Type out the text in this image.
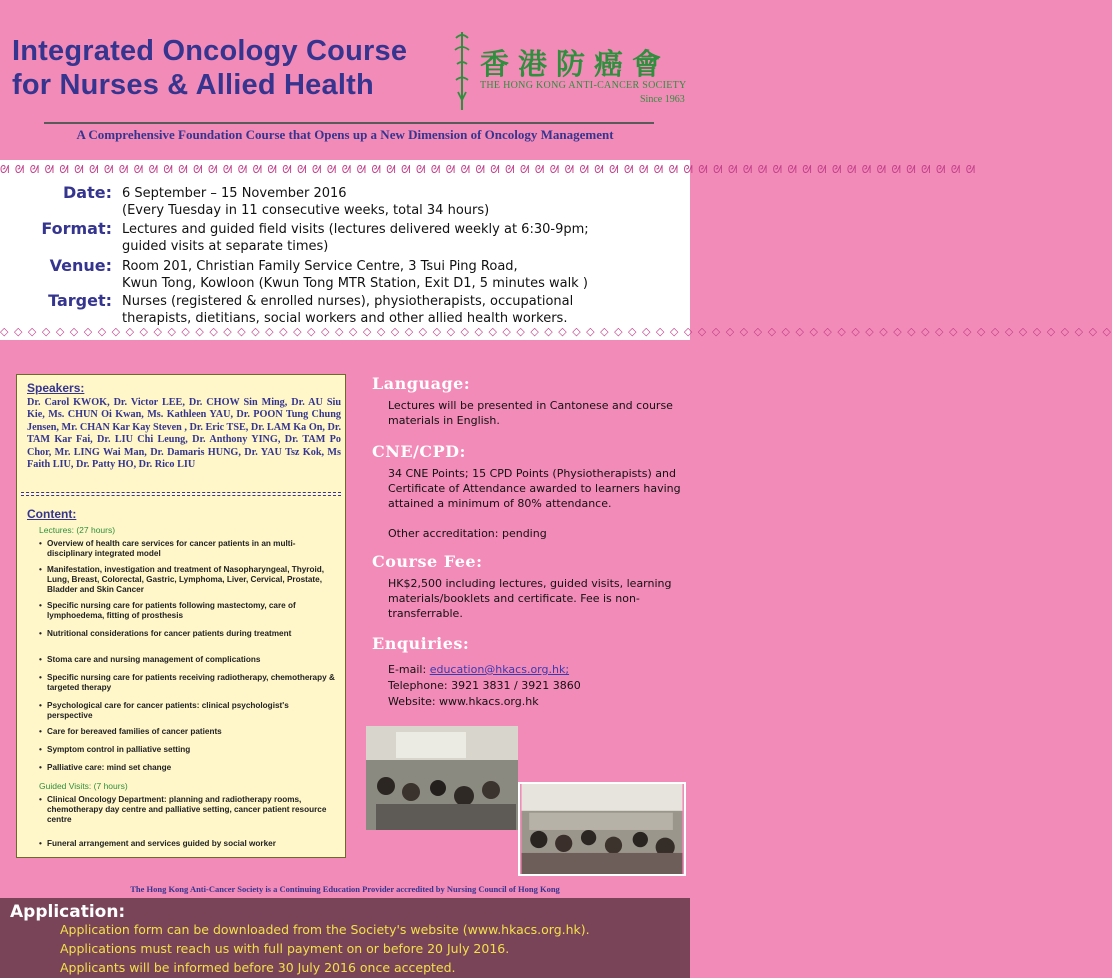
Integrated Oncology Course
for Nurses & Allied Health
香港防癌會
THE HONG KONG ANTI-CANCER SOCIETY
Since 1963
A Comprehensive Foundation Course that Opens up a New Dimension of Oncology Management
ᘛ ᘛ ᘛ ᘛ ᘛ ᘛ ᘛ ᘛ ᘛ ᘛ ᘛ ᘛ ᘛ ᘛ ᘛ ᘛ ᘛ ᘛ ᘛ ᘛ ᘛ ᘛ ᘛ ᘛ ᘛ ᘛ ᘛ ᘛ ᘛ ᘛ ᘛ ᘛ ᘛ ᘛ ᘛ ᘛ ᘛ ᘛ ᘛ ᘛ ᘛ ᘛ ᘛ ᘛ ᘛ ᘛ ᘛ ᘛ ᘛ ᘛ ᘛ ᘛ ᘛ ᘛ ᘛ ᘛ ᘛ ᘛ ᘛ ᘛ ᘛ ᘛ ᘛ ᘛ ᘛ ᘛ
Date: 6 September – 15 November 2016
(Every Tuesday in 11 consecutive weeks, total 34 hours)
Format: Lectures and guided field visits (lectures delivered weekly at 6:30-9pm;
guided visits at separate times)
Venue: Room 201, Christian Family Service Centre, 3 Tsui Ping Road,
Kwun Tong, Kowloon (Kwun Tong MTR Station, Exit D1, 5 minutes walk )
Target: Nurses (registered & enrolled nurses), physiotherapists, occupational
therapists, dietitians, social workers and other allied health workers.
◇ ◇ ◇ ◇ ◇ ◇ ◇ ◇ ◇ ◇ ◇ ◇ ◇ ◇ ◇ ◇ ◇ ◇ ◇ ◇ ◇ ◇ ◇ ◇ ◇ ◇ ◇ ◇ ◇ ◇ ◇ ◇ ◇ ◇ ◇ ◇ ◇ ◇ ◇ ◇ ◇ ◇ ◇ ◇ ◇ ◇ ◇ ◇ ◇ ◇ ◇ ◇ ◇ ◇ ◇ ◇ ◇ ◇ ◇ ◇ ◇ ◇ ◇ ◇ ◇ ◇ ◇ ◇ ◇ ◇ ◇ ◇ ◇ ◇ ◇ ◇ ◇ ◇ ◇ ◇
Speakers:
Dr. Carol KWOK, Dr. Victor LEE, Dr. CHOW Sin Ming, Dr. AU Siu Kie, Ms. CHUN Oi Kwan, Ms. Kathleen YAU, Dr. POON Tung Chung Jensen, Mr. CHAN Kar Kay Steven , Dr. Eric TSE, Dr. LAM Ka On, Dr. TAM Kar Fai, Dr. LIU Chi Leung, Dr. Anthony YING, Dr. TAM Po Chor, Mr. LING Wai Man, Dr. Damaris HUNG, Dr. YAU Tsz Kok, Ms Faith LIU, Dr. Patty HO, Dr. Rico LIU
Content:
Lectures: (27 hours)
• Overview of health care services for cancer patients in an multi-disciplinary integrated model
• Manifestation, investigation and treatment of Nasopharyngeal, Thyroid, Lung, Breast, Colorectal, Gastric, Lymphoma, Liver, Cervical, Prostate, Bladder and Skin Cancer
• Specific nursing care for patients following mastectomy, care of lymphoedema, fitting of prosthesis
• Nutritional considerations for cancer patients during treatment
• Stoma care and nursing management of complications
• Specific nursing care for patients receiving radiotherapy, chemotherapy & targeted therapy
• Psychological care for cancer patients: clinical psychologist's perspective
• Care for bereaved families of cancer patients
• Symptom control in palliative setting
• Palliative care: mind set change
Guided Visits: (7 hours)
• Clinical Oncology Department: planning and radiotherapy rooms, chemotherapy day centre and palliative setting, cancer patient resource centre
• Funeral arrangement and services guided by social worker
Language:
Lectures will be presented in Cantonese and course materials in English.
CNE/CPD:
34 CNE Points; 15 CPD Points (Physiotherapists) and Certificate of Attendance awarded to learners having attained a minimum of 80% attendance.
Other accreditation: pending
Course Fee:
HK$2,500 including lectures, guided visits, learning materials/booklets and certificate. Fee is non-transferrable.
Enquiries:
E-mail: education@hkacs.org.hk;
Telephone: 3921 3831 / 3921 3860
Website: www.hkacs.org.hk
The Hong Kong Anti-Cancer Society is a Continuing Education Provider accredited by Nursing Council of Hong Kong
Application:
Application form can be downloaded from the Society's website (www.hkacs.org.hk).
Applications must reach us with full payment on or before 20 July 2016.
Applicants will be informed before 30 July 2016 once accepted.
